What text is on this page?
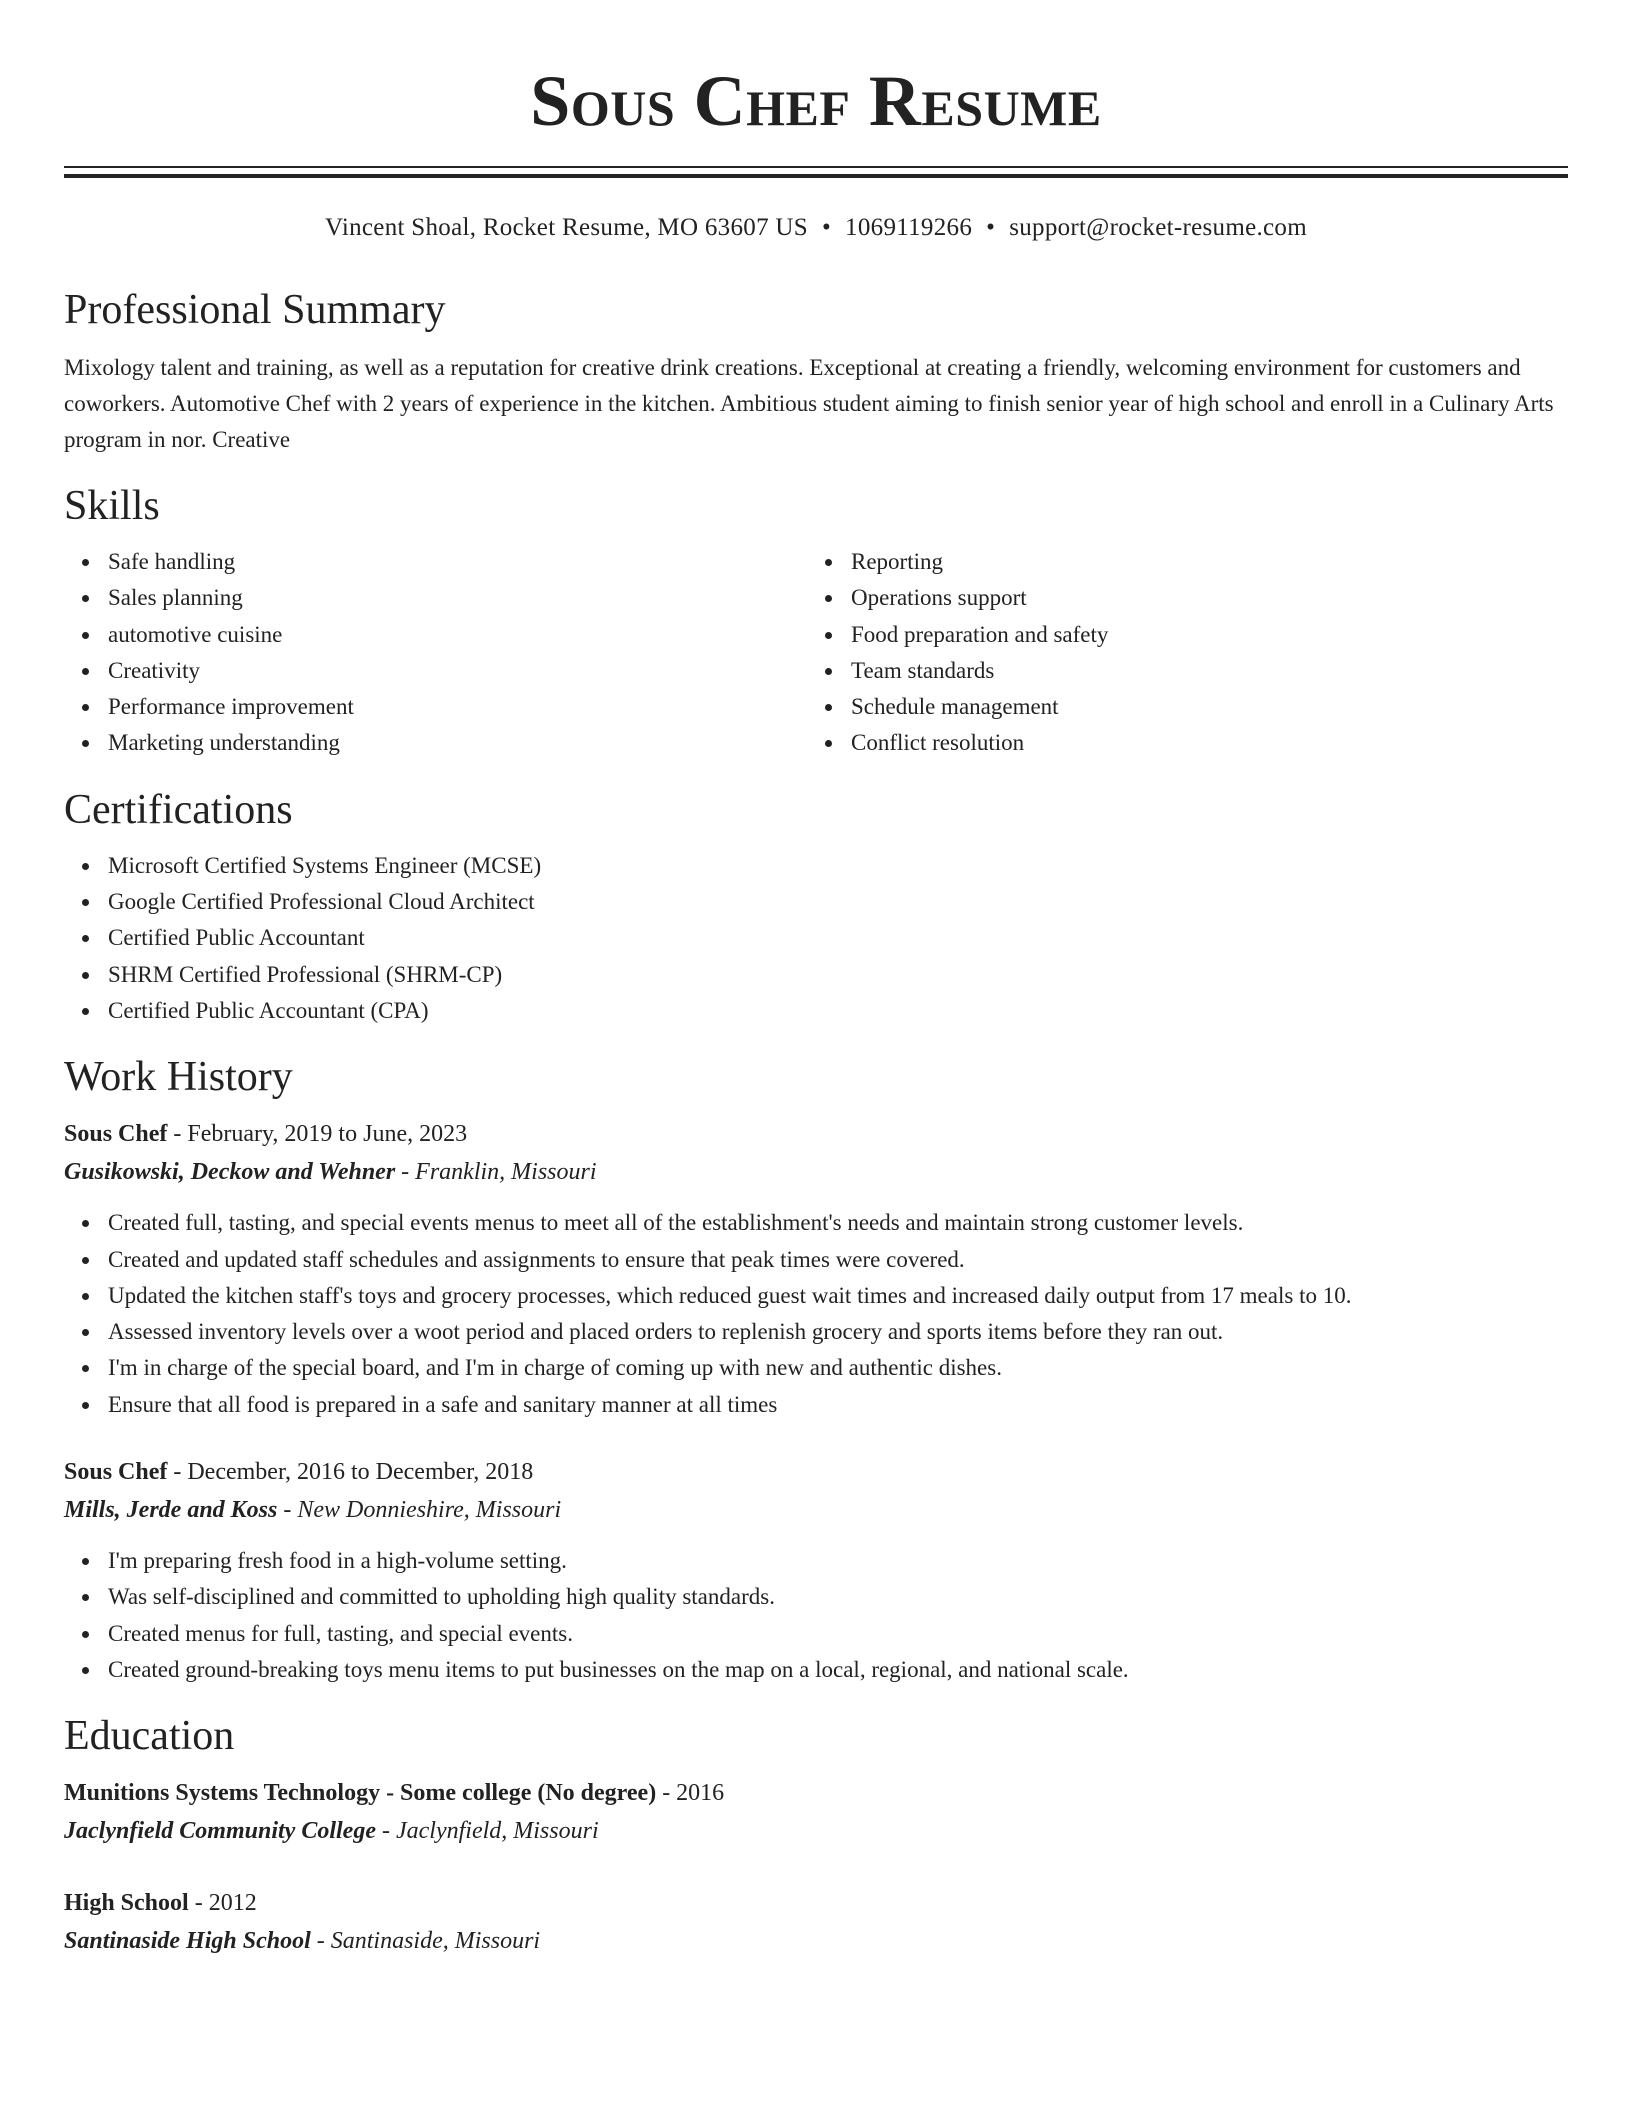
Sous Chef Resume
Vincent Shoal, Rocket Resume, MO 63607 US • 1069119266 • support@rocket-resume.com
Professional Summary

Mixology talent and training, as well as a reputation for creative drink creations. Exceptional at creating a friendly, welcoming environment for customers and coworkers. Automotive Chef with 2 years of experience in the kitchen. Ambitious student aiming to finish senior year of high school and enroll in a Culinary Arts program in nor. Creative

Skills
Safe handling
Sales planning
automotive cuisine
Creativity
Performance improvement
Marketing understanding
Reporting
Operations support
Food preparation and safety
Team standards
Schedule management
Conflict resolution
Certifications
Microsoft Certified Systems Engineer (MCSE)
Google Certified Professional Cloud Architect
Certified Public Accountant
SHRM Certified Professional (SHRM-CP)
Certified Public Accountant (CPA)
Work History
Sous Chef - February, 2019 to June, 2023
Gusikowski, Deckow and Wehner - Franklin, Missouri
Created full, tasting, and special events menus to meet all of the establishment's needs and maintain strong customer levels.
Created and updated staff schedules and assignments to ensure that peak times were covered.
Updated the kitchen staff's toys and grocery processes, which reduced guest wait times and increased daily output from 17 meals to 10.
Assessed inventory levels over a woot period and placed orders to replenish grocery and sports items before they ran out.
I'm in charge of the special board, and I'm in charge of coming up with new and authentic dishes.
Ensure that all food is prepared in a safe and sanitary manner at all times
Sous Chef - December, 2016 to December, 2018
Mills, Jerde and Koss - New Donnieshire, Missouri
I'm preparing fresh food in a high-volume setting.
Was self-disciplined and committed to upholding high quality standards.
Created menus for full, tasting, and special events.
Created ground-breaking toys menu items to put businesses on the map on a local, regional, and national scale.
Education
Munitions Systems Technology - Some college (No degree) - 2016
Jaclynfield Community College - Jaclynfield, Missouri
High School - 2012
Santinaside High School - Santinaside, Missouri
